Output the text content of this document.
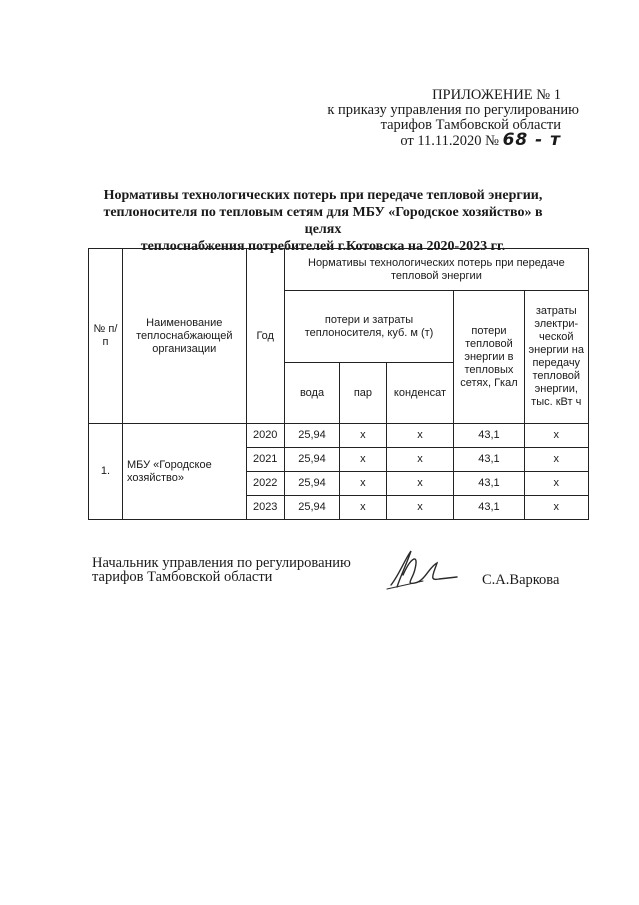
ПРИЛОЖЕНИЕ № 1
к приказу управления по регулированию
тарифов Тамбовской области
от 11.11.2020 № 68 - т
Нормативы технологических потерь при передаче тепловой энергии,
теплоносителя по тепловым сетям для МБУ «Городское хозяйство» в целях
теплоснабжения потребителей г.Котовска на 2020-2023 гг.
№ п/п	Наименование теплоснабжающей организации	Год	Нормативы технологических потерь при передаче тепловой энергии				
			потери и затраты теплоносителя, куб. м (т)			потери тепловой энергии в тепловых сетях, Гкал	затраты электри-ческой энергии на передачу тепловой энергии, тыс. кВт ч
			вода	пар	конденсат		
1.	МБУ «Городское хозяйство»	2020	25,94	х	х	43,1	х
		2021	25,94	х	х	43,1	х
		2022	25,94	х	х	43,1	х
		2023	25,94	х	х	43,1	х
Начальник управления по регулированию
тарифов Тамбовской области	С.А.Варкова
